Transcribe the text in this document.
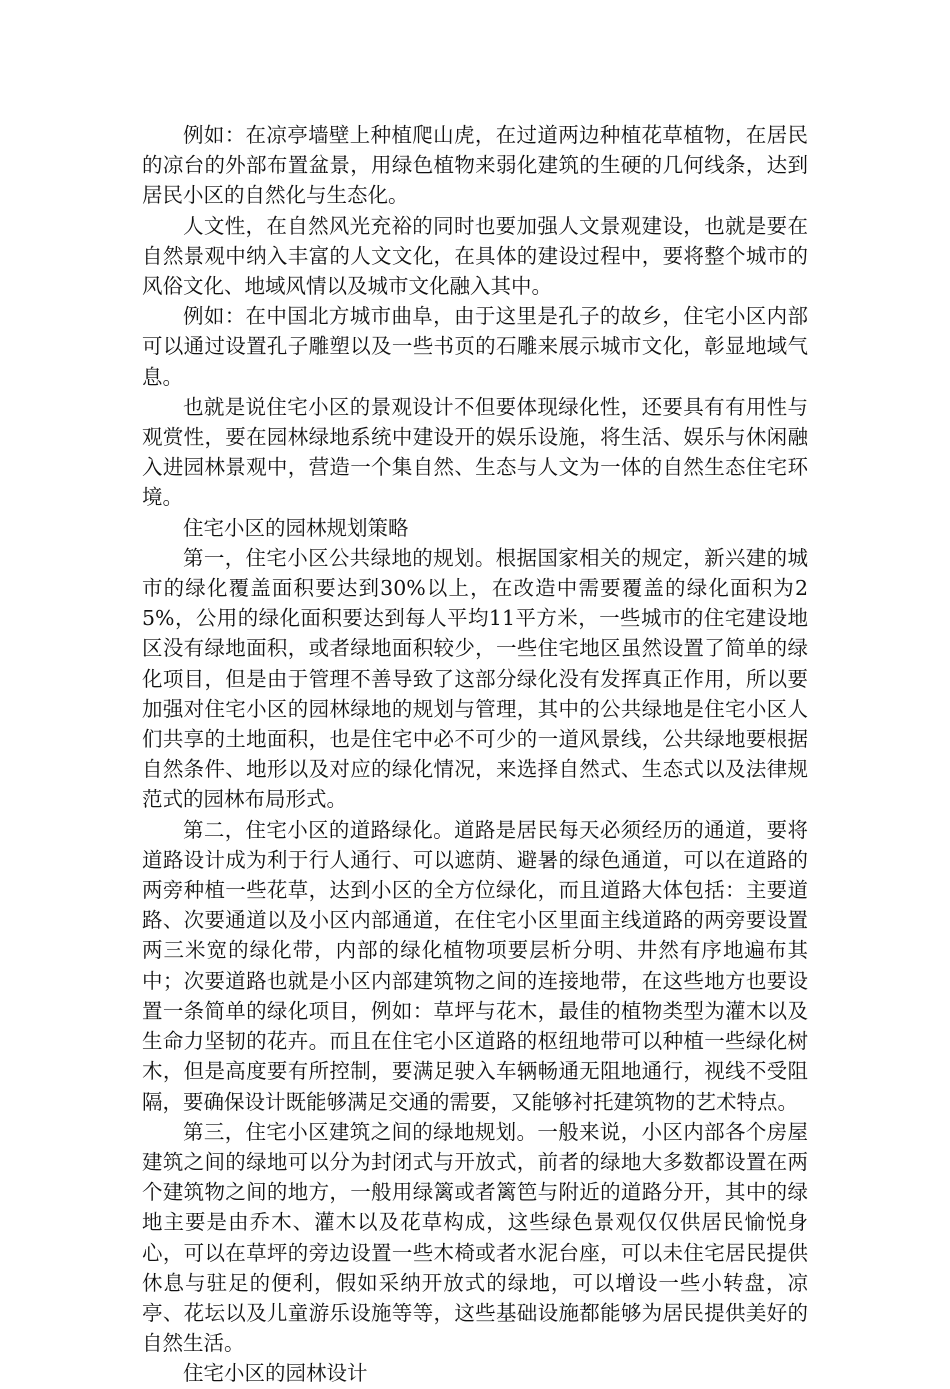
例如：在凉亭墙壁上种植爬山虎，在过道两边种植花草植物，在居民的凉台的外部布置盆景，用绿色植物来弱化建筑的生硬的几何线条，达到居民小区的自然化与生态化。

人文性，在自然风光充裕的同时也要加强人文景观建设，也就是要在自然景观中纳入丰富的人文文化，在具体的建设过程中，要将整个城市的风俗文化、地域风情以及城市文化融入其中。

例如：在中国北方城市曲阜，由于这里是孔子的故乡，住宅小区内部可以通过设置孔子雕塑以及一些书页的石雕来展示城市文化，彰显地域气息。

也就是说住宅小区的景观设计不但要体现绿化性，还要具有有用性与观赏性，要在园林绿地系统中建设开的娱乐设施，将生活、娱乐与休闲融入进园林景观中，营造一个集自然、生态与人文为一体的自然生态住宅环境。

住宅小区的园林规划策略

第一，住宅小区公共绿地的规划。根据国家相关的规定，新兴建的城市的绿化覆盖面积要达到30%以上，在改造中需要覆盖的绿化面积为25%，公用的绿化面积要达到每人平均11平方米，一些城市的住宅建设地区没有绿地面积，或者绿地面积较少，一些住宅地区虽然设置了简单的绿化项目，但是由于管理不善导致了这部分绿化没有发挥真正作用，所以要加强对住宅小区的园林绿地的规划与管理，其中的公共绿地是住宅小区人们共享的土地面积，也是住宅中必不可少的一道风景线，公共绿地要根据自然条件、地形以及对应的绿化情况，来选择自然式、生态式以及法律规范式的园林布局形式。

第二，住宅小区的道路绿化。道路是居民每天必须经历的通道，要将道路设计成为利于行人通行、可以遮荫、避暑的绿色通道，可以在道路的两旁种植一些花草，达到小区的全方位绿化，而且道路大体包括：主要道路、次要通道以及小区内部通道，在住宅小区里面主线道路的两旁要设置两三米宽的绿化带，内部的绿化植物项要层析分明、井然有序地遍布其中；次要道路也就是小区内部建筑物之间的连接地带，在这些地方也要设置一条简单的绿化项目，例如：草坪与花木，最佳的植物类型为灌木以及生命力坚韧的花卉。而且在住宅小区道路的枢纽地带可以种植一些绿化树木，但是高度要有所控制，要满足驶入车辆畅通无阻地通行，视线不受阻隔，要确保设计既能够满足交通的需要，又能够衬托建筑物的艺术特点。

第三，住宅小区建筑之间的绿地规划。一般来说，小区内部各个房屋建筑之间的绿地可以分为封闭式与开放式，前者的绿地大多数都设置在两个建筑物之间的地方，一般用绿篱或者篱笆与附近的道路分开，其中的绿地主要是由乔木、灌木以及花草构成，这些绿色景观仅仅供居民愉悦身心，可以在草坪的旁边设置一些木椅或者水泥台座，可以未住宅居民提供休息与驻足的便利，假如采纳开放式的绿地，可以增设一些小转盘，凉亭、花坛以及儿童游乐设施等等，这些基础设施都能够为居民提供美好的自然生活。

住宅小区的园林设计
